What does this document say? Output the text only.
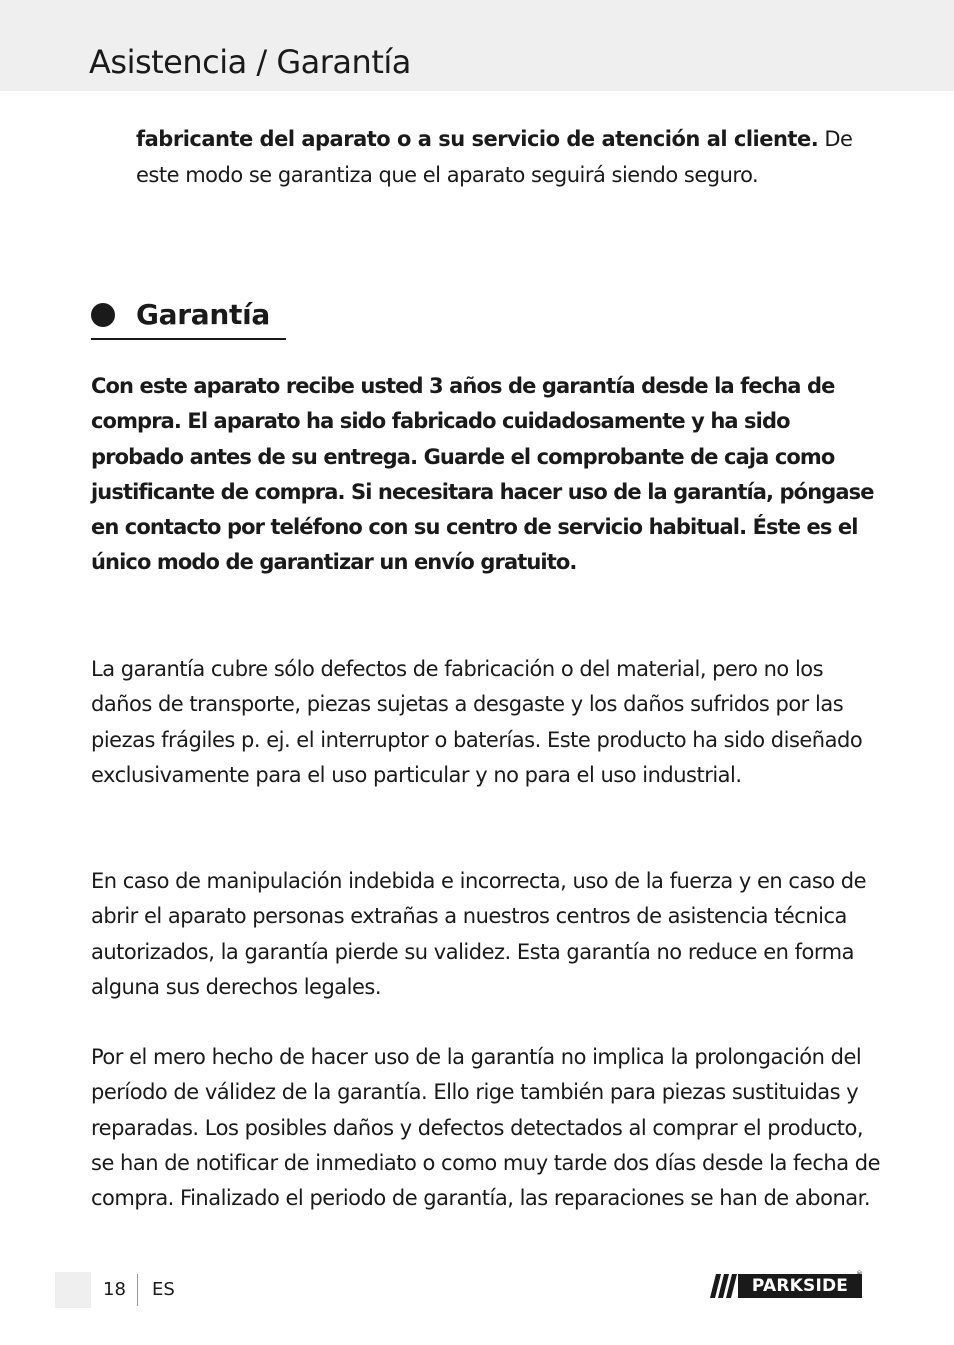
Asistencia / Garantía

fabricante del aparato o a su servicio de atención al cliente. De este modo se garantiza que el aparato seguirá siendo seguro.

Garantía

Con este aparato recibe usted 3 años de garantía desde la fecha de compra. El aparato ha sido fabricado cuidadosamente y ha sido probado antes de su entrega. Guarde el comprobante de caja como justificante de compra. Si necesitara hacer uso de la garantía, póngase en contacto por teléfono con su centro de servicio habitual. Éste es el único modo de garantizar un envío gratuito.

La garantía cubre sólo defectos de fabricación o del material, pero no los daños de transporte, piezas sujetas a desgaste y los daños sufridos por las piezas frágiles p. ej. el interruptor o baterías. Este producto ha sido diseñado exclusivamente para el uso particular y no para el uso industrial.

En caso de manipulación indebida e incorrecta, uso de la fuerza y en caso de abrir el aparato personas extrañas a nuestros centros de asistencia técnica autorizados, la garantía pierde su validez. Esta garantía no reduce en forma alguna sus derechos legales.

Por el mero hecho de hacer uso de la garantía no implica la prolongación del período de válidez de la garantía. Ello rige también para piezas sustituidas y reparadas. Los posibles daños y defectos detectados al comprar el producto, se han de notificar de inmediato o como muy tarde dos días desde la fecha de compra. Finalizado el periodo de garantía, las reparaciones se han de abonar.

18 ES	PARKSIDE
®
